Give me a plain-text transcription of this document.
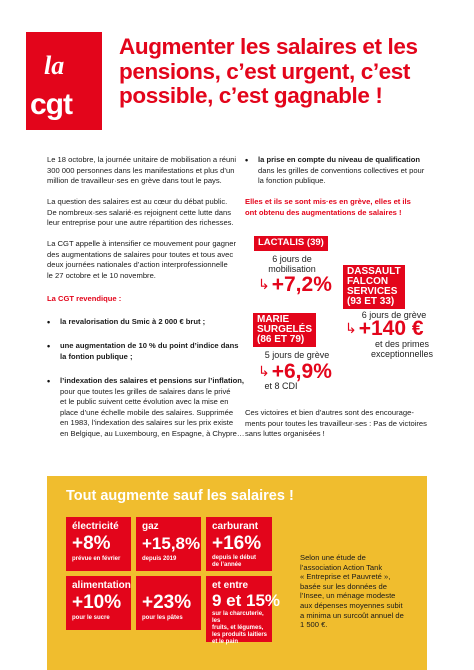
la
cgt
Augmenter les salaires et les
pensions, c’est urgent, c’est
possible, c’est gagnable !
Le 18 octobre, la journée unitaire de mobilisation a réuni
300 000 personnes dans les manifestations et plus d’un
million de travailleur·ses en grève dans tout le pays.
La question des salaires est au cœur du débat public.
De nombreux·ses salarié·es rejoignent cette lutte dans
leur entreprise pour une autre répartition des richesses.
La CGT appelle à intensifier ce mouvement pour gagner
des augmentations de salaires pour toutes et tous avec
deux journées nationales d’action interprofessionnelle
le 27 octobre et le 10 novembre.
La CGT revendique :
• la revalorisation du Smic à 2 000 € brut ;
• une augmentation de 10 % du point d’indice dans
la fontion publique ;
• l’indexation des salaires et pensions sur l’inflation,
pour que toutes les grilles de salaires dans le privé
et le public suivent cette évolution avec la mise en
place d’une échelle mobile des salaires. Supprimée
en 1983, l’indexation des salaires sur les prix existe
en Belgique, au Luxembourg, en Espagne, à Chypre…
• la prise en compte du niveau de qualification
dans les grilles de conventions collectives et pour
la fonction publique.
Elles et ils se sont mis·es en grève, elles et ils
ont obtenu des augmentations de salaires !
LACTALIS (39)
6 jours de
mobilisation
↳+7,2%
DASSAULT
FALCON
SERVICES
(93 ET 33)
6 jours de grève
↳+140 €
et des primes
exceptionnelles
MARIE
SURGELÉS
(86 ET 79)
5 jours de grève
↳+6,9%
et 8 CDI
Ces victoires et bien d’autres sont des encourage-
ments pour toutes les travailleur·ses : Pas de victoires
sans luttes organisées !
Tout augmente sauf les salaires !
électricité
+8%
prévue en février
gaz
+15,8%
depuis 2019
carburant
+16%
depuis le début
de l’année
alimentation
+10%
pour le sucre
+23%
pour les pâtes
et entre
9 et 15%
sur la charcuterie, les
fruits, et légumes,
les produits laitiers
et le pain
Selon une étude de
l’association Action Tank
« Entreprise et Pauvreté »,
basée sur les données de
l’Insee, un ménage modeste
aux dépenses moyennes subit
a minima un surcoût annuel de
1 500 €.
